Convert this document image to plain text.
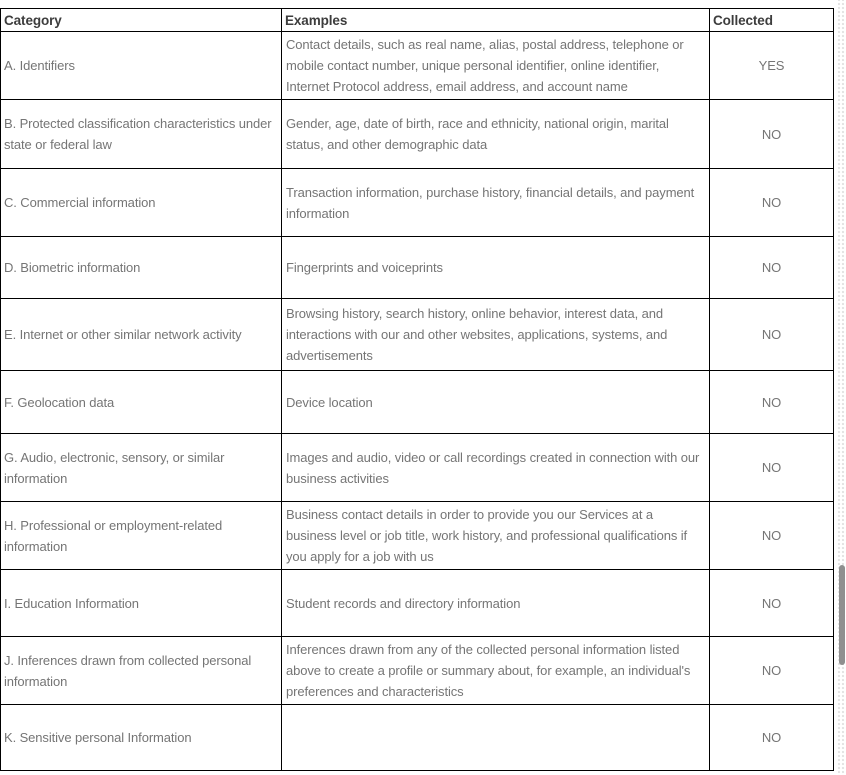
Category	Examples	Collected
A. Identifiers	Contact details, such as real name, alias, postal address, telephone or mobile contact number, unique personal identifier, online identifier, Internet Protocol address, email address, and account name	YES
B. Protected classification characteristics under state or federal law	Gender, age, date of birth, race and ethnicity, national origin, marital status, and other demographic data	NO
C. Commercial information	Transaction information, purchase history, financial details, and payment information	NO
D. Biometric information	Fingerprints and voiceprints	NO
E. Internet or other similar network activity	Browsing history, search history, online behavior, interest data, and interactions with our and other websites, applications, systems, and advertisements	NO
F. Geolocation data	Device location	NO
G. Audio, electronic, sensory, or similar information	Images and audio, video or call recordings created in connection with our business activities	NO
H. Professional or employment-related information	Business contact details in order to provide you our Services at a business level or job title, work history, and professional qualifications if you apply for a job with us	NO
I. Education Information	Student records and directory information	NO
J. Inferences drawn from collected personal information	Inferences drawn from any of the collected personal information listed above to create a profile or summary about, for example, an individual's preferences and characteristics	NO
K. Sensitive personal Information		NO
